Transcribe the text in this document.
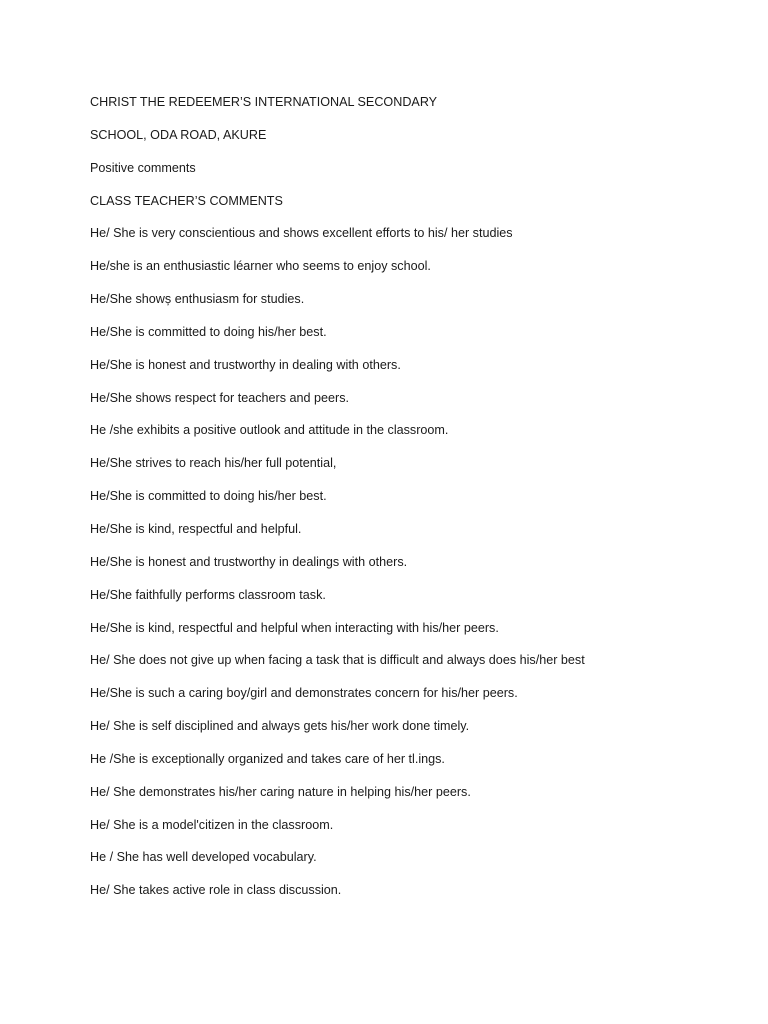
CHRIST THE REDEEMER’S INTERNATIONAL SECONDARY
SCHOOL, ODA ROAD, AKURE
Positive comments
CLASS TEACHER’S COMMENTS
He/ She is very conscientious and shows excellent efforts to his/ her studies
He/she is an enthusiastic léarner who seems to enjoy school.
He/She showș enthusiasm for studies.
He/She is committed to doing his/her best.
He/She is honest and trustworthy in dealing with others.
He/She shows respect for teachers and peers.
He /she exhibits a positive outlook and attitude in the classroom.
He/She strives to reach his/her full potential,
He/She is committed to doing his/her best.
He/She is kind, respectful and helpful.
He/She is honest and trustworthy in dealings with others.
He/She faithfully performs classroom task.
He/She is kind, respectful and helpful when interacting with his/her peers.
He/ She does not give up when facing a task that is difficult and always does his/her best
He/She is such a caring boy/girl and demonstrates concern for his/her peers.
He/ She is self disciplined and always gets his/her work done timely.
He /She is exceptionally organized and takes care of her tl.ings.
He/ She demonstrates his/her caring nature in helping his/her peers.
He/ She is a model'citizen in the classroom.
He / She has well developed vocabulary.
He/ She takes active role in class discussion.
